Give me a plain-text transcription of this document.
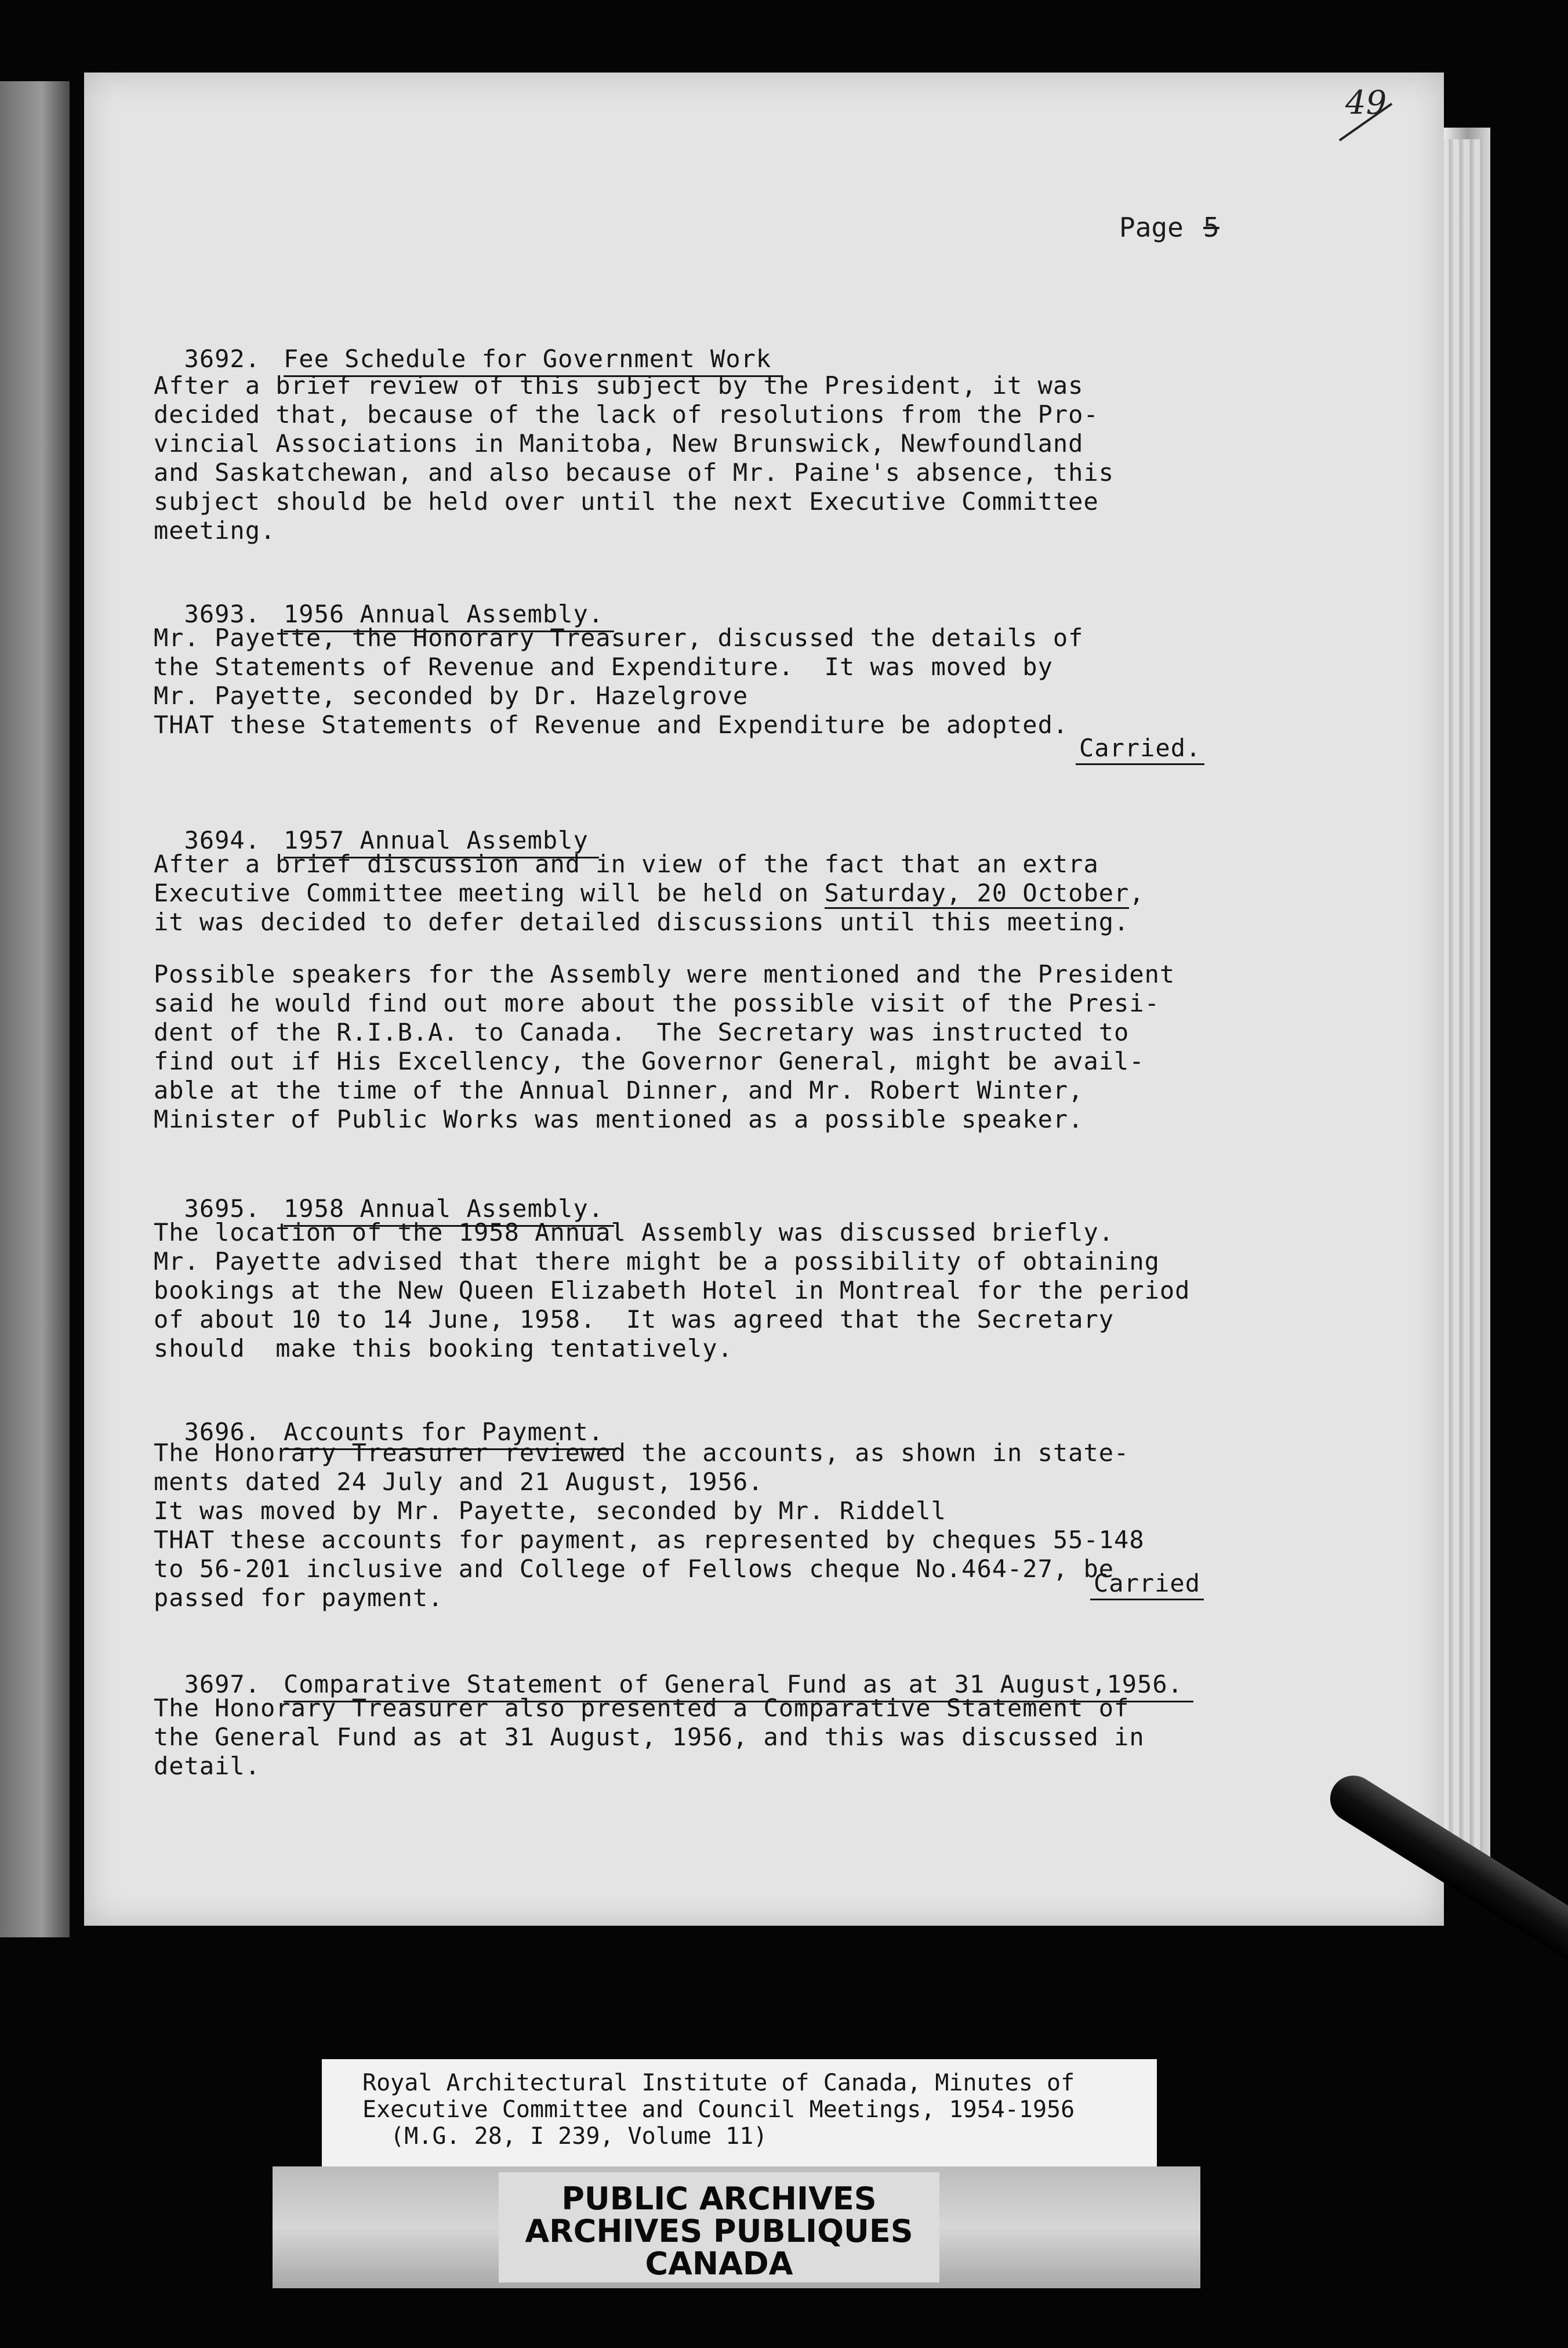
49
Page 5

3692. Fee Schedule for Government Work

After a brief review of this subject by the President, it was
decided that, because of the lack of resolutions from the Pro-
vincial Associations in Manitoba, New Brunswick, Newfoundland
and Saskatchewan, and also because of Mr. Paine's absence, this
subject should be held over until the next Executive Committee
meeting.

3693. 1956 Annual Assembly.

Mr. Payette, the Honorary Treasurer, discussed the details of
the Statements of Revenue and Expenditure.  It was moved by
Mr. Payette, seconded by Dr. Hazelgrove
THAT these Statements of Revenue and Expenditure be adopted.
Carried.

3694. 1957 Annual Assembly

After a brief discussion and in view of the fact that an extra
Executive Committee meeting will be held on Saturday, 20 October,
it was decided to defer detailed discussions until this meeting.
Possible speakers for the Assembly were mentioned and the President
said he would find out more about the possible visit of the Presi-
dent of the R.I.B.A. to Canada.  The Secretary was instructed to
find out if His Excellency, the Governor General, might be avail-
able at the time of the Annual Dinner, and Mr. Robert Winter,
Minister of Public Works was mentioned as a possible speaker.

3695. 1958 Annual Assembly.

The location of the 1958 Annual Assembly was discussed briefly.
Mr. Payette advised that there might be a possibility of obtaining
bookings at the New Queen Elizabeth Hotel in Montreal for the period
of about 10 to 14 June, 1958.  It was agreed that the Secretary
should  make this booking tentatively.

3696. Accounts for Payment.

The Honorary Treasurer reviewed the accounts, as shown in state-
ments dated 24 July and 21 August, 1956.
It was moved by Mr. Payette, seconded by Mr. Riddell
THAT these accounts for payment, as represented by cheques 55-148
to 56-201 inclusive and College of Fellows cheque No.464-27, be
passed for payment.
Carried

3697. Comparative Statement of General Fund as at 31 August,1956.

The Honorary Treasurer also presented a Comparative Statement of
the General Fund as at 31 August, 1956, and this was discussed in
detail.
Royal Architectural Institute of Canada, Minutes of
Executive Committee and Council Meetings, 1954-1956
(M.G. 28, I 239, Volume 11)
PUBLIC ARCHIVES
ARCHIVES PUBLIQUES
CANADA
